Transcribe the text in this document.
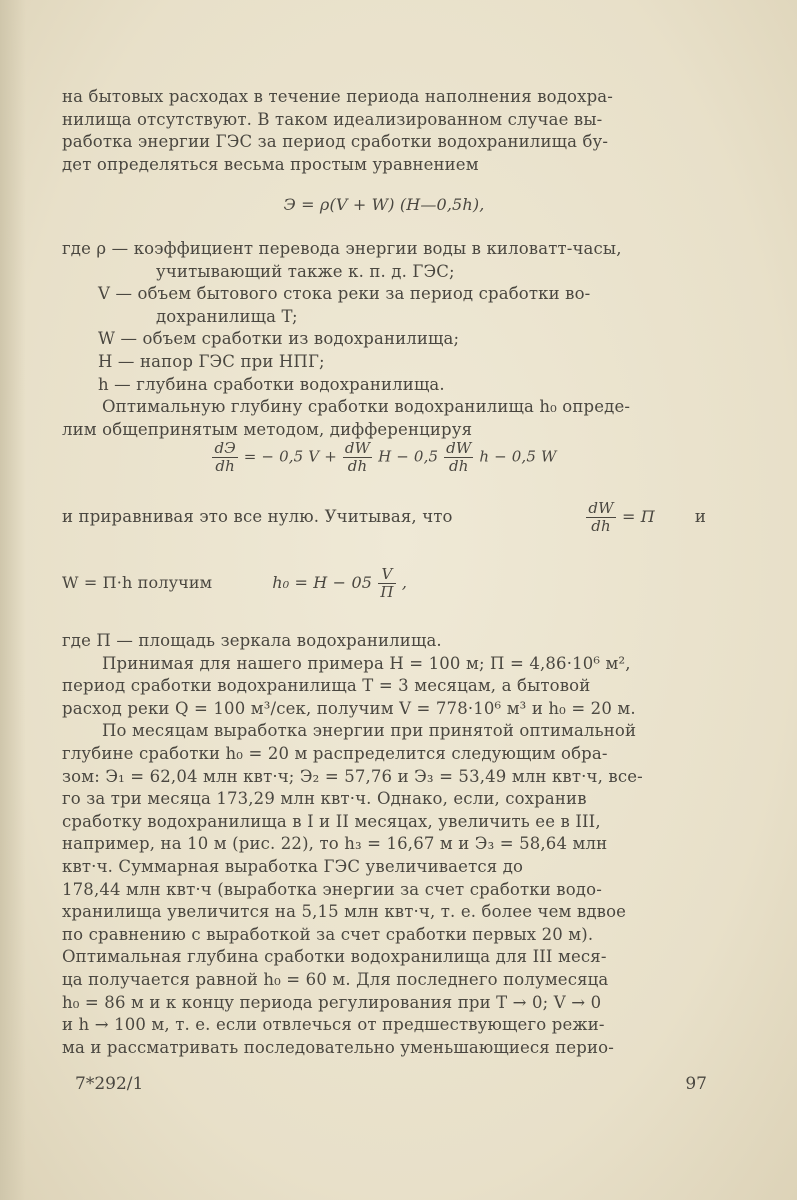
на бытовых расходах в течение периода наполнения водохра-
нилища отсутствуют. В таком идеализированном случае вы-
работка энергии ГЭС за период сработки водохранилища бу-
дет определяться весьма простым уравнением
Э = ρ(V + W) (H—0,5h),
где ρ — коэффициент перевода энергии воды в киловатт-часы,
учитывающий также к. п. д. ГЭС;
V — объем бытового стока реки за период сработки во-
дохранилища T;
W — объем сработки из водохранилища;
H — напор ГЭС при НПГ;
h — глубина сработки водохранилища.
Оптимальную глубину сработки водохранилища h₀ опреде-
лим общепринятым методом, дифференцируя
$\frac{dЭ}{dh}$ = − 0,5 $V + \frac{dW}{dh}$ $H - 0,5 \frac{dW}{dh}$ h − 0,5 W
и приравнивая это все нулю. Учитывая, что	$\frac{dW}{dh} = П$ и
W = П·h получим	$h_0 = H - 05 \frac{V}{П}$ ,
где П — площадь зеркала водохранилища.
Принимая для нашего примера H = 100 м; П = 4,86·10⁶ м²,
период сработки водохранилища T = 3 месяцам, а бытовой
расход реки Q = 100 м³/сек, получим V = 778·10⁶ м³ и h₀ = 20 м.
По месяцам выработка энергии при принятой оптимальной
глубине сработки h₀ = 20 м распределится следующим обра-
зом: Э₁ = 62,04 млн квт·ч; Э₂ = 57,76 и Э₃ = 53,49 млн квт·ч, все-
го за три месяца 173,29 млн квт·ч. Однако, если, сохранив
сработку водохранилища в I и II месяцах, увеличить ее в III,
например, на 10 м (рис. 22), то h₃ = 16,67 м и Э₃ = 58,64 млн
квт·ч. Суммарная выработка ГЭС увеличивается до
178,44 млн квт·ч (выработка энергии за счет сработки водо-
хранилища увеличится на 5,15 млн квт·ч, т. е. более чем вдвое
по сравнению с выработкой за счет сработки первых 20 м).
Оптимальная глубина сработки водохранилища для III меся-
ца получается равной h₀ = 60 м. Для последнего полумесяца
h₀ = 86 м и к концу периода регулирования при T → 0; V → 0
и h → 100 м, т. е. если отвлечься от предшествующего режи-
ма и рассматривать последовательно уменьшающиеся перио-
7*292/1	97
